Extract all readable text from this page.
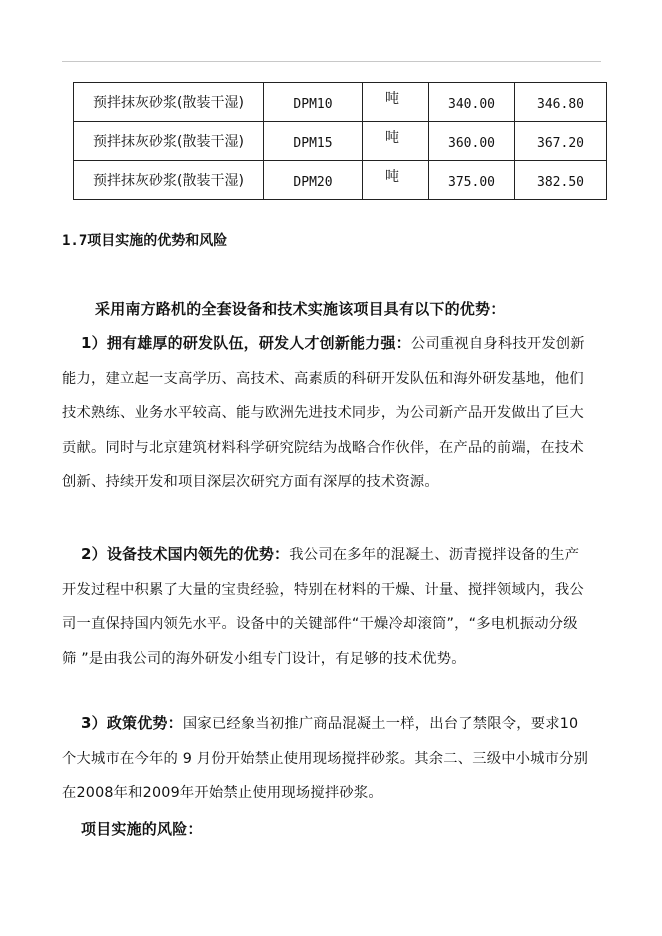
预拌抹灰砂浆(散装干湿)	DPM10	吨	340.00	346.80
预拌抹灰砂浆(散装干湿)	DPM15	吨	360.00	367.20
预拌抹灰砂浆(散装干湿)	DPM20	吨	375.00	382.50
1.7项目实施的优势和风险
采用南方路机的全套设备和技术实施该项目具有以下的优势：
1）拥有雄厚的研发队伍，研发人才创新能力强：公司重视自身科技开发创新能力，建立起一支高学历、高技术、高素质的科研开发队伍和海外研发基地，他们技术熟练、业务水平较高、能与欧洲先进技术同步，为公司新产品开发做出了巨大贡献。同时与北京建筑材料科学研究院结为战略合作伙伴，在产品的前端，在技术创新、持续开发和项目深层次研究方面有深厚的技术资源。
2）设备技术国内领先的优势：我公司在多年的混凝土、沥青搅拌设备的生产开发过程中积累了大量的宝贵经验，特别在材料的干燥、计量、搅拌领域内，我公司一直保持国内领先水平。设备中的关键部件“干燥冷却滚筒”，“多电机振动分级筛 ”是由我公司的海外研发小组专门设计，有足够的技术优势。
3）政策优势：国家已经象当初推广商品混凝土一样，出台了禁限令，要求10个大城市在今年的 9 月份开始禁止使用现场搅拌砂浆。其余二、三级中小城市分别在2008年和2009年开始禁止使用现场搅拌砂浆。
项目实施的风险：
